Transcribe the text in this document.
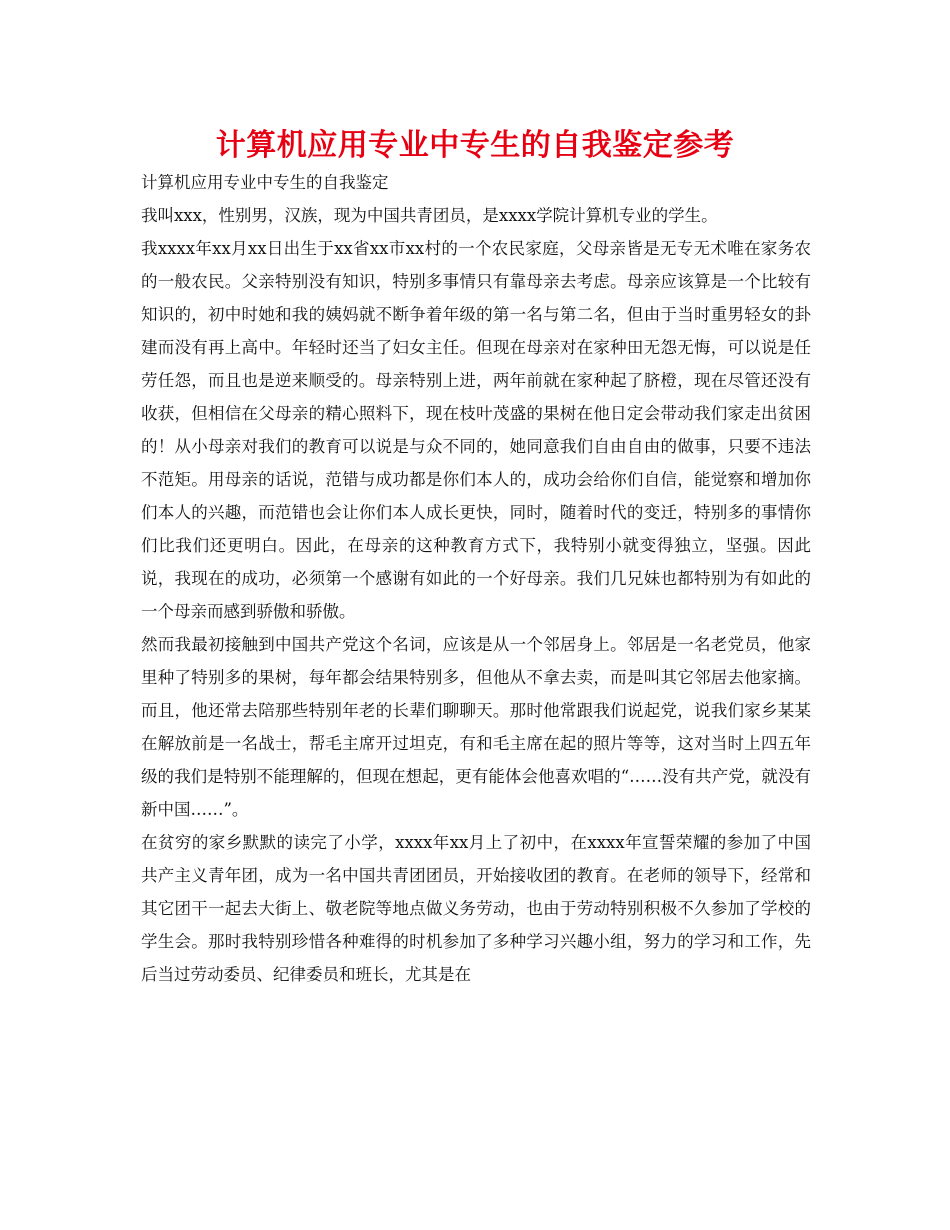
计算机应用专业中专生的自我鉴定参考

计算机应用专业中专生的自我鉴定

我叫xxx，性别男，汉族，现为中国共青团员，是xxxx学院计算机专业的学生。

我xxxx年xx月xx日出生于xx省xx市xx村的一个农民家庭，父母亲皆是无专无术唯在家务农的一般农民。父亲特别没有知识，特别多事情只有靠母亲去考虑。母亲应该算是一个比较有知识的，初中时她和我的姨妈就不断争着年级的第一名与第二名，但由于当时重男轻女的卦建而没有再上高中。年轻时还当了妇女主任。但现在母亲对在家种田无怨无悔，可以说是任劳任怨，而且也是逆来顺受的。母亲特别上进，两年前就在家种起了脐橙，现在尽管还没有收获，但相信在父母亲的精心照料下，现在枝叶茂盛的果树在他日定会带动我们家走出贫困的！从小母亲对我们的教育可以说是与众不同的，她同意我们自由自由的做事，只要不违法不范矩。用母亲的话说，范错与成功都是你们本人的，成功会给你们自信，能觉察和增加你们本人的兴趣，而范错也会让你们本人成长更快，同时，随着时代的变迁，特别多的事情你们比我们还更明白。因此，在母亲的这种教育方式下，我特别小就变得独立，坚强。因此说，我现在的成功，必须第一个感谢有如此的一个好母亲。我们几兄妹也都特别为有如此的一个母亲而感到骄傲和骄傲。

然而我最初接触到中国共产党这个名词，应该是从一个邻居身上。邻居是一名老党员，他家里种了特别多的果树，每年都会结果特别多，但他从不拿去卖，而是叫其它邻居去他家摘。而且，他还常去陪那些特别年老的长辈们聊聊天。那时他常跟我们说起党，说我们家乡某某在解放前是一名战士，帮毛主席开过坦克，有和毛主席在起的照片等等，这对当时上四五年级的我们是特别不能理解的，但现在想起，更有能体会他喜欢唱的“……没有共产党，就没有新中国……”。

在贫穷的家乡默默的读完了小学，xxxx年xx月上了初中，在xxxx年宣誓荣耀的参加了中国共产主义青年团，成为一名中国共青团团员，开始接收团的教育。在老师的领导下，经常和其它团干一起去大街上、敬老院等地点做义务劳动，也由于劳动特别积极不久参加了学校的学生会。那时我特别珍惜各种难得的时机参加了多种学习兴趣小组，努力的学习和工作，先后当过劳动委员、纪律委员和班长，尤其是在
